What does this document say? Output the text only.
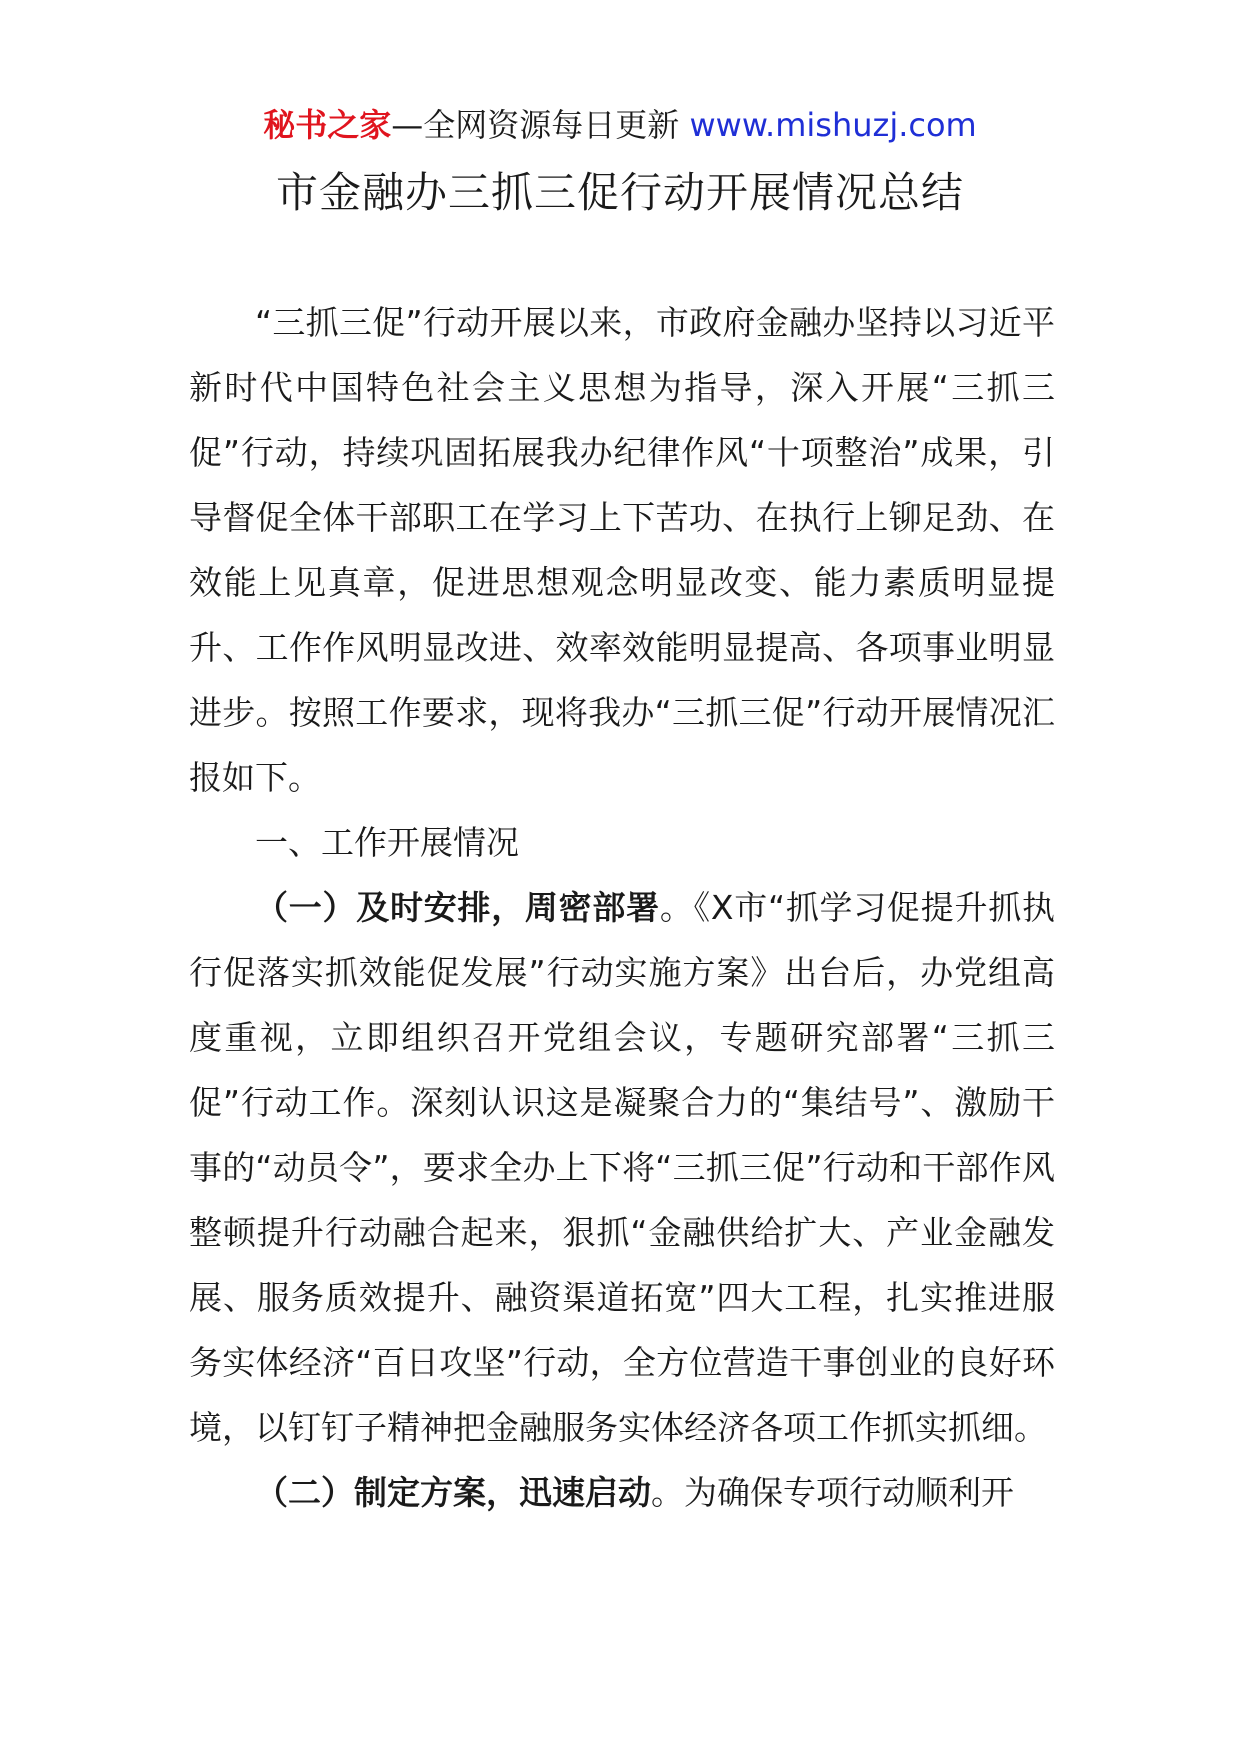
秘书之家—全网资源每日更新 www.mishuzj.com
市金融办三抓三促行动开展情况总结

“三抓三促”行动开展以来，市政府金融办坚持以习近平新时代中国特色社会主义思想为指导，深入开展“三抓三促”行动，持续巩固拓展我办纪律作风“十项整治”成果，引导督促全体干部职工在学习上下苦功、在执行上铆足劲、在效能上见真章，促进思想观念明显改变、能力素质明显提升、工作作风明显改进、效率效能明显提高、各项事业明显进步。按照工作要求，现将我办“三抓三促”行动开展情况汇报如下。

一、工作开展情况

（一）及时安排，周密部署。《X市“抓学习促提升抓执行促落实抓效能促发展”行动实施方案》出台后，办党组高度重视，立即组织召开党组会议，专题研究部署“三抓三促”行动工作。深刻认识这是凝聚合力的“集结号”、激励干事的“动员令”，要求全办上下将“三抓三促”行动和干部作风整顿提升行动融合起来，狠抓“金融供给扩大、产业金融发展、服务质效提升、融资渠道拓宽”四大工程，扎实推进服务实体经济“百日攻坚”行动，全方位营造干事创业的良好环境，以钉钉子精神把金融服务实体经济各项工作抓实抓细。

（二）制定方案，迅速启动。为确保专项行动顺利开
